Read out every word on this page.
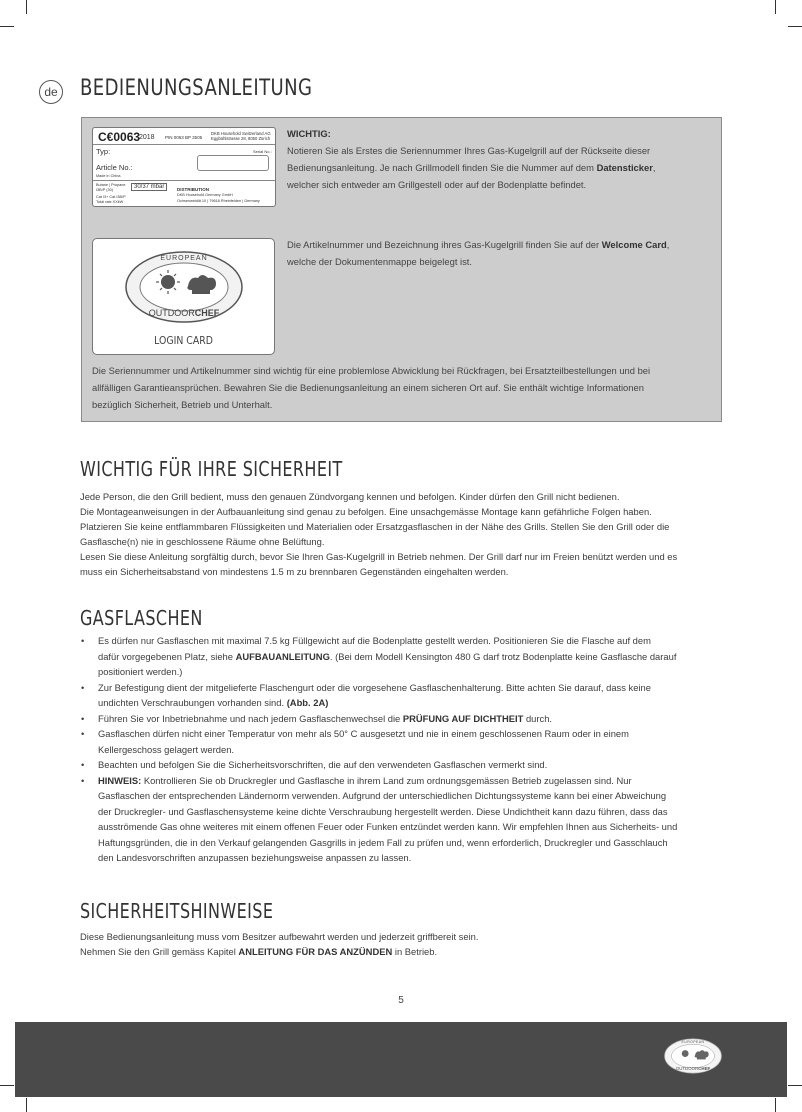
de BEDIENUNGSANLEITUNG
C€0063
2018 PIN 0063 BP 3505
DKB Household Switzerland AG
Eggbühlstrasse 28, 8050 Zürich
Typ:	Serial No.:
Article No.:
Made in China
Butane | Propane
I3B/P (30)	30/37 mbar
Cat I3+ Cat I3B/P
Total rate XXkW
DISTRIBUTION
DKB Household Germany GmbH
Ochsenweidlä 10 | 79618 Rheinfelden | Germany
WICHTIG:
Notieren Sie als Erstes die Seriennummer Ihres Gas-Kugelgrill auf der Rückseite dieser
Bedienungsanleitung. Je nach Grillmodell finden Sie die Nummer auf dem Datensticker,
welcher sich entweder am Grillgestell oder auf der Bodenplatte befindet.
EUROPEAN
OUTDOORCHEF
LOGIN CARD
Die Artikelnummer und Bezeichnung ihres Gas-Kugelgrill finden Sie auf der Welcome Card,
welche der Dokumentenmappe beigelegt ist.
Die Seriennummer und Artikelnummer sind wichtig für eine problemlose Abwicklung bei Rückfragen, bei Ersatzteilbestellungen und bei
allfälligen Garantieansprüchen. Bewahren Sie die Bedienungsanleitung an einem sicheren Ort auf. Sie enthält wichtige Informationen
bezüglich Sicherheit, Betrieb und Unterhalt.
WICHTIG FÜR IHRE SICHERHEIT
Jede Person, die den Grill bedient, muss den genauen Zündvorgang kennen und befolgen. Kinder dürfen den Grill nicht bedienen.
Die Montageanweisungen in der Aufbauanleitung sind genau zu befolgen. Eine unsachgemässe Montage kann gefährliche Folgen haben.
Platzieren Sie keine entflammbaren Flüssigkeiten und Materialien oder Ersatzgasflaschen in der Nähe des Grills. Stellen Sie den Grill oder die
Gasflasche(n) nie in geschlossene Räume ohne Belüftung.
Lesen Sie diese Anleitung sorgfältig durch, bevor Sie Ihren Gas-Kugelgrill in Betrieb nehmen. Der Grill darf nur im Freien benützt werden und es
muss ein Sicherheitsabstand von mindestens 1.5 m zu brennbaren Gegenständen eingehalten werden.
GASFLASCHEN
• Es dürfen nur Gasflaschen mit maximal 7.5 kg Füllgewicht auf die Bodenplatte gestellt werden. Positionieren Sie die Flasche auf dem
dafür vorgegebenen Platz, siehe AUFBAUANLEITUNG. (Bei dem Modell Kensington 480 G darf trotz Bodenplatte keine Gasflasche darauf
positioniert werden.)
• Zur Befestigung dient der mitgelieferte Flaschengurt oder die vorgesehene Gasflaschenhalterung. Bitte achten Sie darauf, dass keine
undichten Verschraubungen vorhanden sind. (Abb. 2A)
• Führen Sie vor Inbetriebnahme und nach jedem Gasflaschenwechsel die PRÜFUNG AUF DICHTHEIT durch.
• Gasflaschen dürfen nicht einer Temperatur von mehr als 50° C ausgesetzt und nie in einem geschlossenen Raum oder in einem
Kellergeschoss gelagert werden.
• Beachten und befolgen Sie die Sicherheitsvorschriften, die auf den verwendeten Gasflaschen vermerkt sind.
• HINWEIS: Kontrollieren Sie ob Druckregler und Gasflasche in ihrem Land zum ordnungsgemässen Betrieb zugelassen sind. Nur
Gasflaschen der entsprechenden Ländernorm verwenden. Aufgrund der unterschiedlichen Dichtungssysteme kann bei einer Abweichung
der Druckregler- und Gasflaschensysteme keine dichte Verschraubung hergestellt werden. Diese Undichtheit kann dazu führen, dass das
ausströmende Gas ohne weiteres mit einem offenen Feuer oder Funken entzündet werden kann. Wir empfehlen Ihnen aus Sicherheits- und
Haftungsgründen, die in den Verkauf gelangenden Gasgrills in jedem Fall zu prüfen und, wenn erforderlich, Druckregler und Gasschlauch
den Landesvorschriften anzupassen beziehungsweise anpassen zu lassen.
SICHERHEITSHINWEISE
Diese Bedienungsanleitung muss vom Besitzer aufbewahrt werden und jederzeit griffbereit sein.
Nehmen Sie den Grill gemäss Kapitel ANLEITUNG FÜR DAS ANZÜNDEN in Betrieb.
5
EUROPEAN
OUTDOORCHEF
